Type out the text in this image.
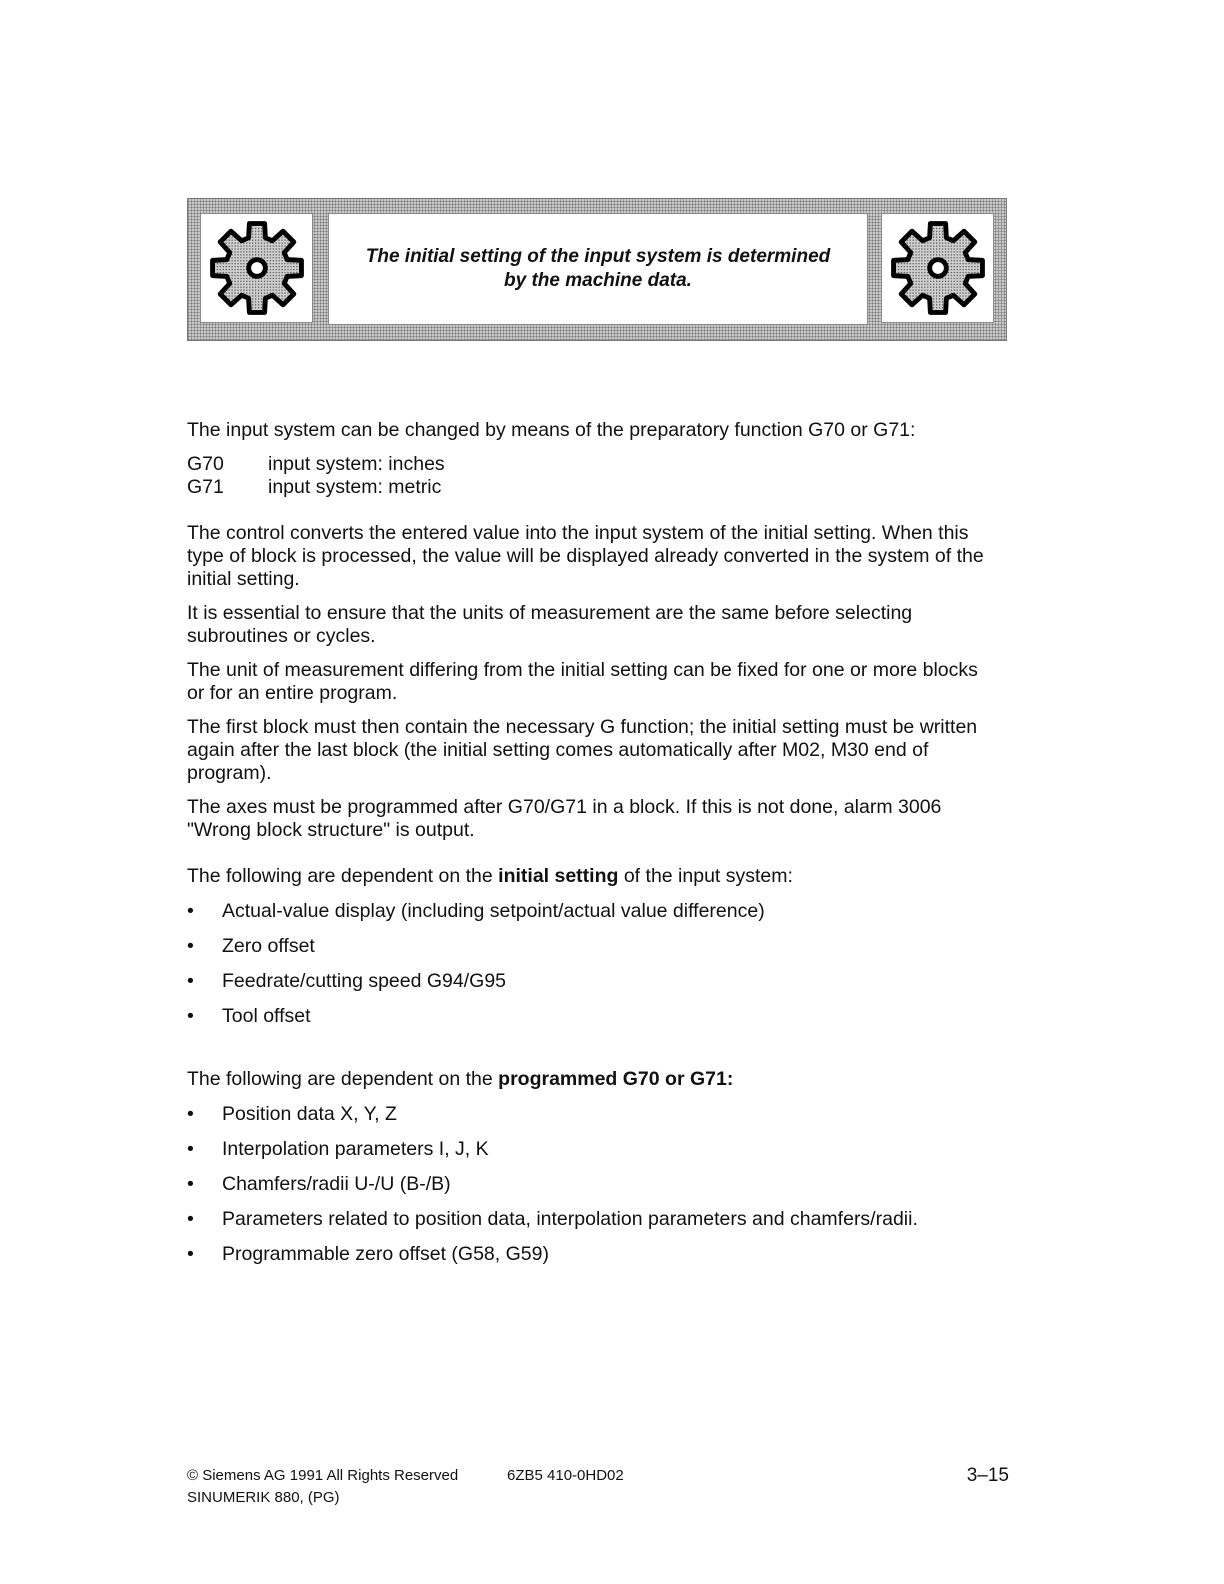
The initial setting of the input system is determined
by the machine data.

The input system can be changed by means of the preparatory function G70 or G71:

G70	input system: inches
G71	input system: metric

The control converts the entered value into the input system of the initial setting. When this type of block is processed, the value will be displayed already converted in the system of the initial setting.

It is essential to ensure that the units of measurement are the same before selecting subroutines or cycles.

The unit of measurement differing from the initial setting can be fixed for one or more blocks or for an entire program.

The first block must then contain the necessary G function; the initial setting must be written again after the last block (the initial setting comes automatically after M02, M30 end of program).

The axes must be programmed after G70/G71 in a block. If this is not done, alarm 3006 "Wrong block structure" is output.

The following are dependent on the initial setting of the input system:

•	Actual-value display (including setpoint/actual value difference)
•	Zero offset
•	Feedrate/cutting speed G94/G95
•	Tool offset

The following are dependent on the programmed G70 or G71:

•	Position data X, Y, Z
•	Interpolation parameters I, J, K
•	Chamfers/radii U-/U (B-/B)
•	Parameters related to position data, interpolation parameters and chamfers/radii.
•	Programmable zero offset (G58, G59)
© Siemens AG 1991 All Rights Reserved	6ZB5 410-0HD02	3–15
SINUMERIK 880, (PG)
